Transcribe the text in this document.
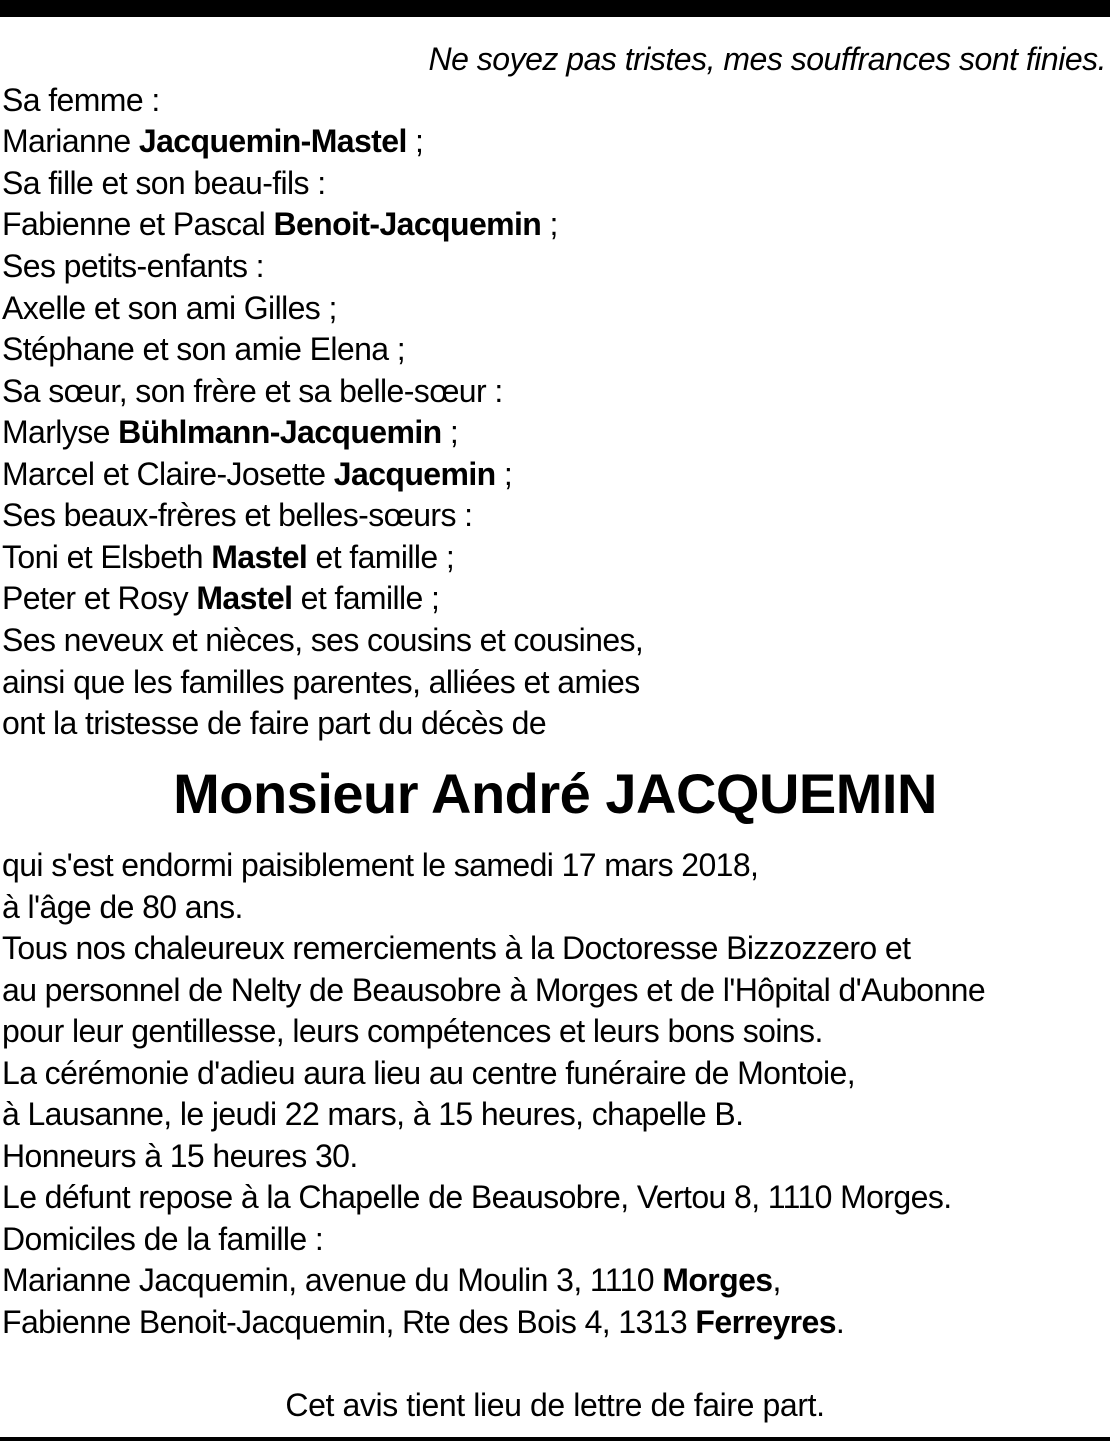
Ne soyez pas tristes, mes souffrances sont finies.
Sa femme :
Marianne Jacquemin-Mastel ;
Sa fille et son beau-fils :
Fabienne et Pascal Benoit-Jacquemin ;
Ses petits-enfants :
Axelle et son ami Gilles ;
Stéphane et son amie Elena ;
Sa sœur, son frère et sa belle-sœur :
Marlyse Bühlmann-Jacquemin ;
Marcel et Claire-Josette Jacquemin ;
Ses beaux-frères et belles-sœurs :
Toni et Elsbeth Mastel et famille ;
Peter et Rosy Mastel et famille ;
Ses neveux et nièces, ses cousins et cousines,
ainsi que les familles parentes, alliées et amies
ont la tristesse de faire part du décès de
Monsieur André JACQUEMIN
qui s'est endormi paisiblement le samedi 17 mars 2018,
à l'âge de 80 ans.
Tous nos chaleureux remerciements à la Doctoresse Bizzozzero et
au personnel de Nelty de Beausobre à Morges et de l'Hôpital d'Aubonne
pour leur gentillesse, leurs compétences et leurs bons soins.
La cérémonie d'adieu aura lieu au centre funéraire de Montoie,
à Lausanne, le jeudi 22 mars, à 15 heures, chapelle B.
Honneurs à 15 heures 30.
Le défunt repose à la Chapelle de Beausobre, Vertou 8, 1110 Morges.
Domiciles de la famille :
Marianne Jacquemin, avenue du Moulin 3, 1110 Morges,
Fabienne Benoit-Jacquemin, Rte des Bois 4, 1313 Ferreyres.
Cet avis tient lieu de lettre de faire part.
